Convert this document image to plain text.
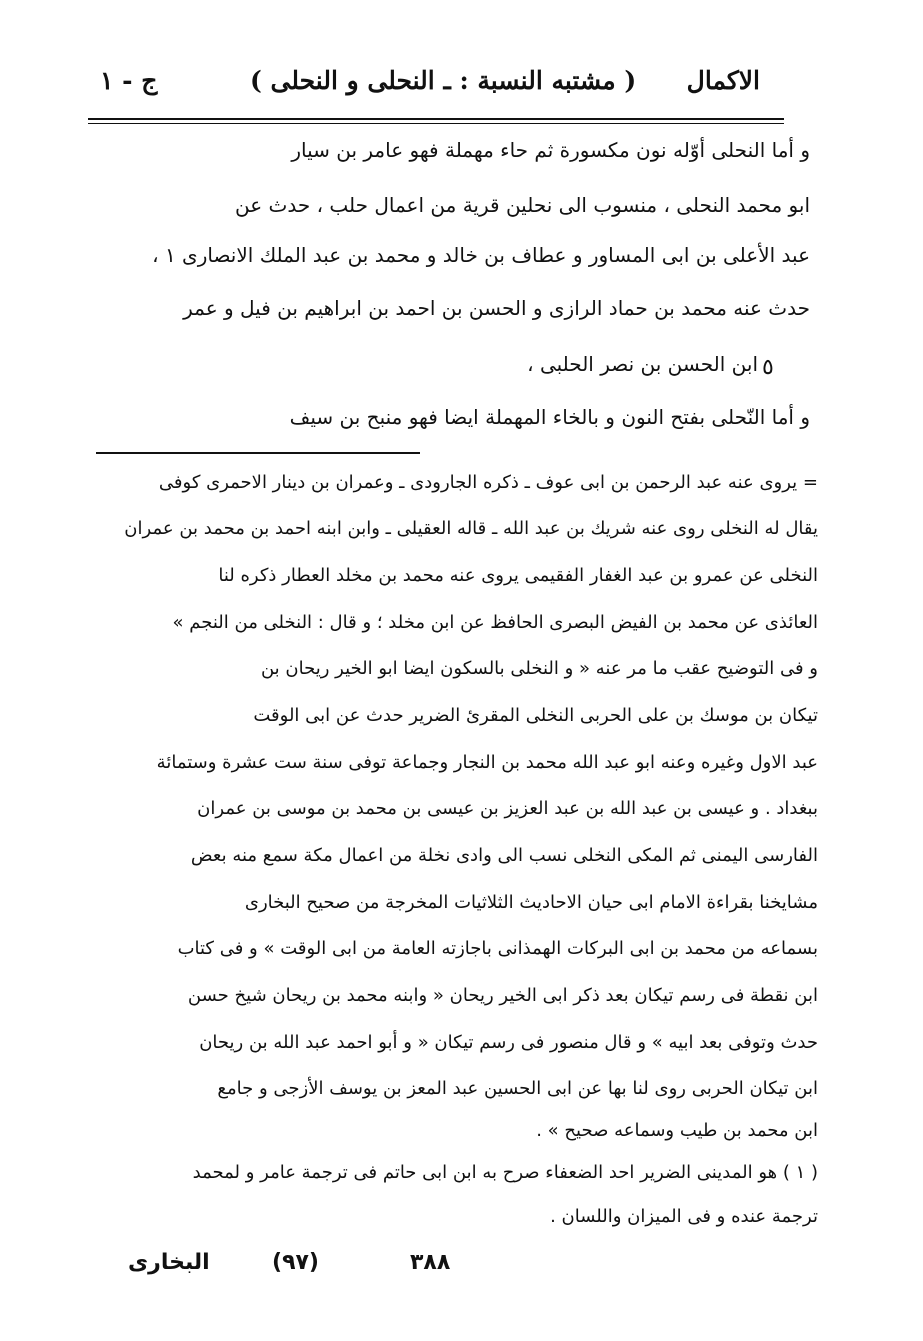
الاكمال
( مشتبه النسبة : ـ النحلى و النحلى )
ج - ١
و أما النحلى أوّله نون مكسورة ثم حاء مهملة فهو عامر بن سيار
ابو محمد النحلى ، منسوب الى نحلين قرية من اعمال حلب ، حدث عن
عبد الأعلى بن ابى المساور و عطاف بن خالد و محمد بن عبد الملك الانصارى ١ ،
حدث عنه محمد بن حماد الرازى و الحسن بن احمد بن ابراهيم بن فيل و عمر
ابن الحسن بن نصر الحلبى ، ٥
و أما النّحلى بفتح النون و بالخاء المهملة ايضا فهو منبح بن سيف
= يروى عنه عبد الرحمن بن ابى عوف ـ ذكره الجارودى ـ وعمران بن دينار الاحمرى كوفى
يقال له النخلى روى عنه شريك بن عبد الله ـ قاله العقيلى ـ وابن ابنه احمد بن محمد بن عمران
النخلى عن عمرو بن عبد الغفار الفقيمى يروى عنه محمد بن مخلد العطار ذكره لنا
العائذى عن محمد بن الفيض البصرى الحافظ عن ابن مخلد ؛ و قال : النخلى من النجم »
و فى التوضيح عقب ما مر عنه « و النخلى بالسكون ايضا ابو الخير ريحان بن
تيكان بن موسك بن على الحربى النخلى المقرئ الضرير حدث عن ابى الوقت
عبد الاول وغيره وعنه ابو عبد الله محمد بن النجار وجماعة توفى سنة ست عشرة وستمائة
ببغداد . و عيسى بن عبد الله بن عبد العزيز بن عيسى بن محمد بن موسى بن عمران
الفارسى اليمنى ثم المكى النخلى نسب الى وادى نخلة من اعمال مكة سمع منه بعض
مشايخنا بقراءة الامام ابى حيان الاحاديث الثلاثيات المخرجة من صحيح البخارى
بسماعه من محمد بن ابى البركات الهمذانى باجازته العامة من ابى الوقت » و فى كتاب
ابن نقطة فى رسم تيكان بعد ذكر ابى الخير ريحان « وابنه محمد بن ريحان شيخ حسن
حدث وتوفى بعد ابيه » و قال منصور فى رسم تيكان « و أبو احمد عبد الله بن ريحان
ابن تيكان الحربى روى لنا بها عن ابى الحسين عبد المعز بن يوسف الأزجى و جامع
ابن محمد بن طيب وسماعه صحيح » .
( ١ ) هو المدينى الضرير احد الضعفاء صرح به ابن ابى حاتم فى ترجمة عامر و لمحمد
ترجمة عنده و فى الميزان واللسان .
(٩٧)	٣٨٨
البخارى
